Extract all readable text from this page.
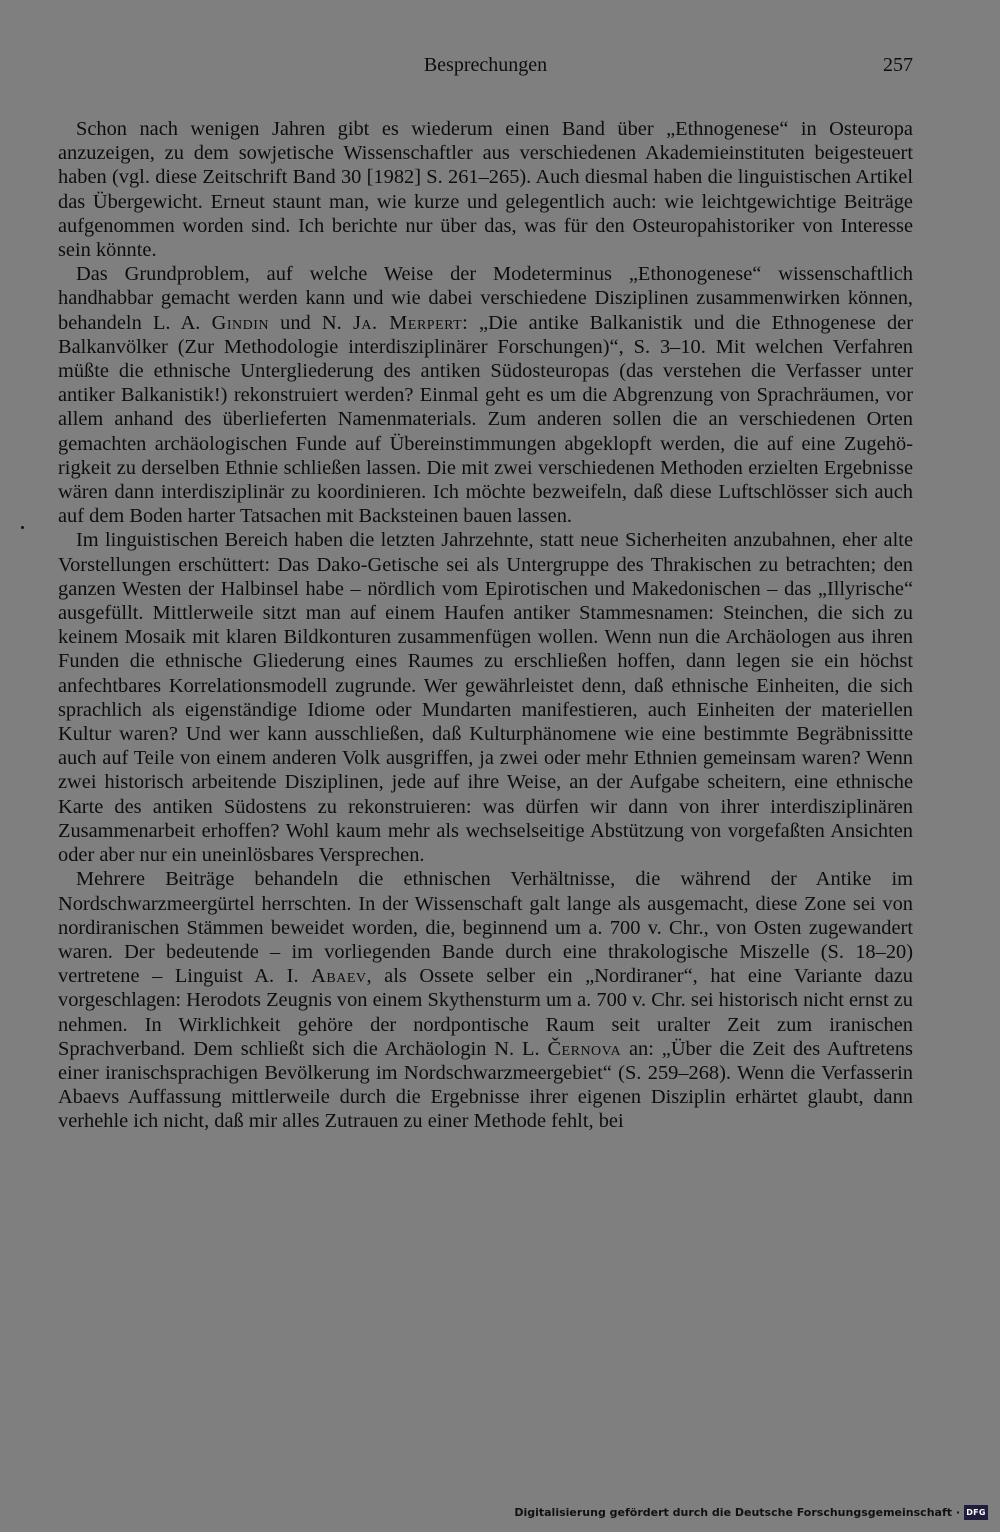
Besprechungen	257

Schon nach wenigen Jahren gibt es wiederum einen Band über „Ethnogenese“ in Osteuropa anzuzeigen, zu dem sowjetische Wissenschaftler aus verschiedenen Akademieinstituten beigesteuert haben (vgl. diese Zeitschrift Band 30 [1982] S. 261–265). Auch diesmal haben die linguistischen Artikel das Übergewicht. Erneut staunt man, wie kurze und gelegentlich auch: wie leichtgewichtige Beiträge aufgenommen worden sind. Ich berichte nur über das, was für den Osteuropahistoriker von Interesse sein könnte.

Das Grundproblem, auf welche Weise der Modeterminus „Ethonogenese“ wissenschaftlich handhabbar gemacht werden kann und wie dabei verschiedene Disziplinen zusammenwirken können, behandeln L. A. Gindin und N. Ja. Merpert: „Die antike Balkanistik und die Ethnogenese der Balkanvölker (Zur Methodologie interdisziplinärer Forschungen)“, S. 3–10. Mit welchen Verfahren müßte die ethnische Untergliederung des antiken Südosteuropas (das verstehen die Verfasser unter antiker Balkanistik!) rekonstruiert werden? Einmal geht es um die Abgrenzung von Sprachräumen, vor allem anhand des überlieferten Namenmaterials. Zum anderen sollen die an verschiedenen Orten gemachten archäologischen Funde auf Übereinstimmungen abgeklopft werden, die auf eine Zugehörigkeit zu derselben Ethnie schließen lassen. Die mit zwei verschiedenen Methoden erzielten Ergebnisse wären dann interdisziplinär zu koordinieren. Ich möchte bezweifeln, daß diese Luftschlösser sich auch auf dem Boden harter Tatsachen mit Backsteinen bauen lassen.

Im linguistischen Bereich haben die letzten Jahrzehnte, statt neue Sicherheiten anzubahnen, eher alte Vorstellungen erschüttert: Das Dako-Getische sei als Untergruppe des Thrakischen zu betrachten; den ganzen Westen der Halbinsel habe – nördlich vom Epirotischen und Makedonischen – das „Illyrische“ ausgefüllt. Mittlerweile sitzt man auf einem Haufen antiker Stammesnamen: Steinchen, die sich zu keinem Mosaik mit klaren Bildkonturen zusammenfügen wollen. Wenn nun die Archäologen aus ihren Funden die ethnische Gliederung eines Raumes zu erschließen hoffen, dann legen sie ein höchst anfechtbares Korrelationsmodell zugrunde. Wer gewährleistet denn, daß ethnische Einheiten, die sich sprachlich als eigenständige Idiome oder Mundarten manifestieren, auch Einheiten der materiellen Kultur waren? Und wer kann ausschließen, daß Kulturphänomene wie eine bestimmte Begräbnissitte auch auf Teile von einem anderen Volk ausgriffen, ja zwei oder mehr Ethnien gemeinsam waren? Wenn zwei historisch arbeitende Disziplinen, jede auf ihre Weise, an der Aufgabe scheitern, eine ethnische Karte des antiken Südostens zu rekonstruieren: was dürfen wir dann von ihrer interdisziplinären Zusammenarbeit erhoffen? Wohl kaum mehr als wechselseitige Abstützung von vorgefaßten Ansichten oder aber nur ein uneinlösbares Versprechen.

Mehrere Beiträge behandeln die ethnischen Verhältnisse, die während der Antike im Nordschwarzmeergürtel herrschten. In der Wissenschaft galt lange als ausgemacht, diese Zone sei von nordiranischen Stämmen beweidet worden, die, beginnend um a. 700 v. Chr., von Osten zugewandert waren. Der bedeutende – im vorliegenden Bande durch eine thrakologische Miszelle (S. 18–20) vertretene – Linguist A. I. Abaev, als Ossete selber ein „Nordiraner“, hat eine Variante dazu vorgeschlagen: Herodots Zeugnis von einem Skythensturm um a. 700 v. Chr. sei historisch nicht ernst zu nehmen. In Wirklichkeit gehöre der nordpontische Raum seit uralter Zeit zum iranischen Sprachverband. Dem schließt sich die Archäologin N. L. Černova an: „Über die Zeit des Auftretens einer iranischsprachigen Bevölkerung im Nordschwarzmeergebiet“ (S. 259–268). Wenn die Verfasserin Abaevs Auffassung mittlerweile durch die Ergebnisse ihrer eigenen Disziplin erhärtet glaubt, dann verhehle ich nicht, daß mir alles Zutrauen zu einer Methode fehlt, bei

Digitalisierung gefördert durch die Deutsche Forschungsgemeinschaft · DFG
